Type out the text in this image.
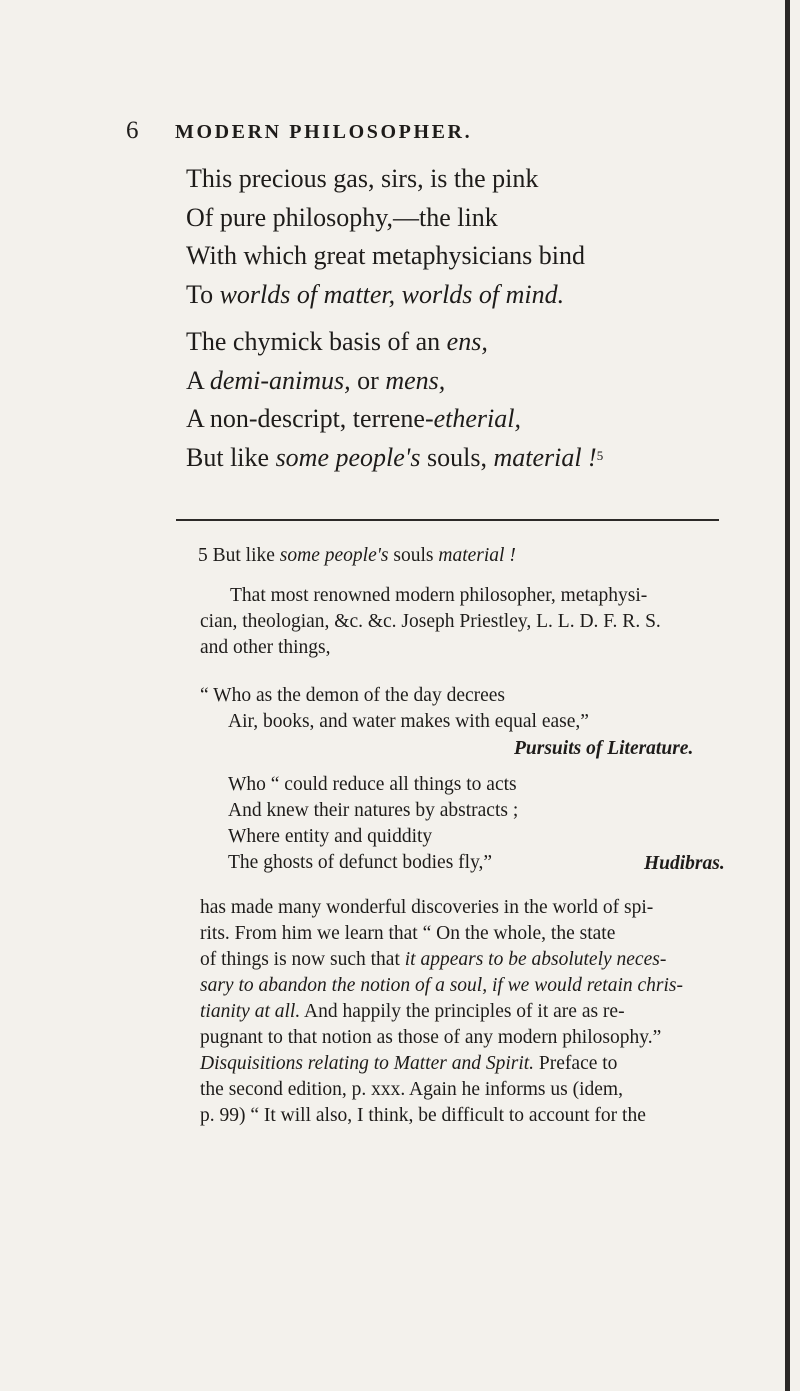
6 MODERN PHILOSOPHER.
This precious gas, sirs, is the pink
Of pure philosophy,—the link
With which great metaphysicians bind
To worlds of matter, worlds of mind.
The chymick basis of an ens,
A demi-animus, or mens,
A non-descript, terrene-etherial,
But like some people's souls, material !$^5$
5 But like some people's souls material !
That most renowned modern philosopher, metaphysi-
cian, theologian, &c. &c. Joseph Priestley, L. L. D. F. R. S.
and other things,
“ Who as the demon of the day decrees
Air, books, and water makes with equal ease,”
Pursuits of Literature.
Who “ could reduce all things to acts
And knew their natures by abstracts ;
Where entity and quiddity
The ghosts of defunct bodies fly,”	Hudibras.
has made many wonderful discoveries in the world of spi-
rits. From him we learn that “ On the whole, the state
of things is now such that it appears to be absolutely neces-
sary to abandon the notion of a soul, if we would retain chris-
tianity at all. And happily the principles of it are as re-
pugnant to that notion as those of any modern philosophy.”
Disquisitions relating to Matter and Spirit. Preface to
the second edition, p. xxx. Again he informs us (idem,
p. 99) “ It will also, I think, be difficult to account for the
